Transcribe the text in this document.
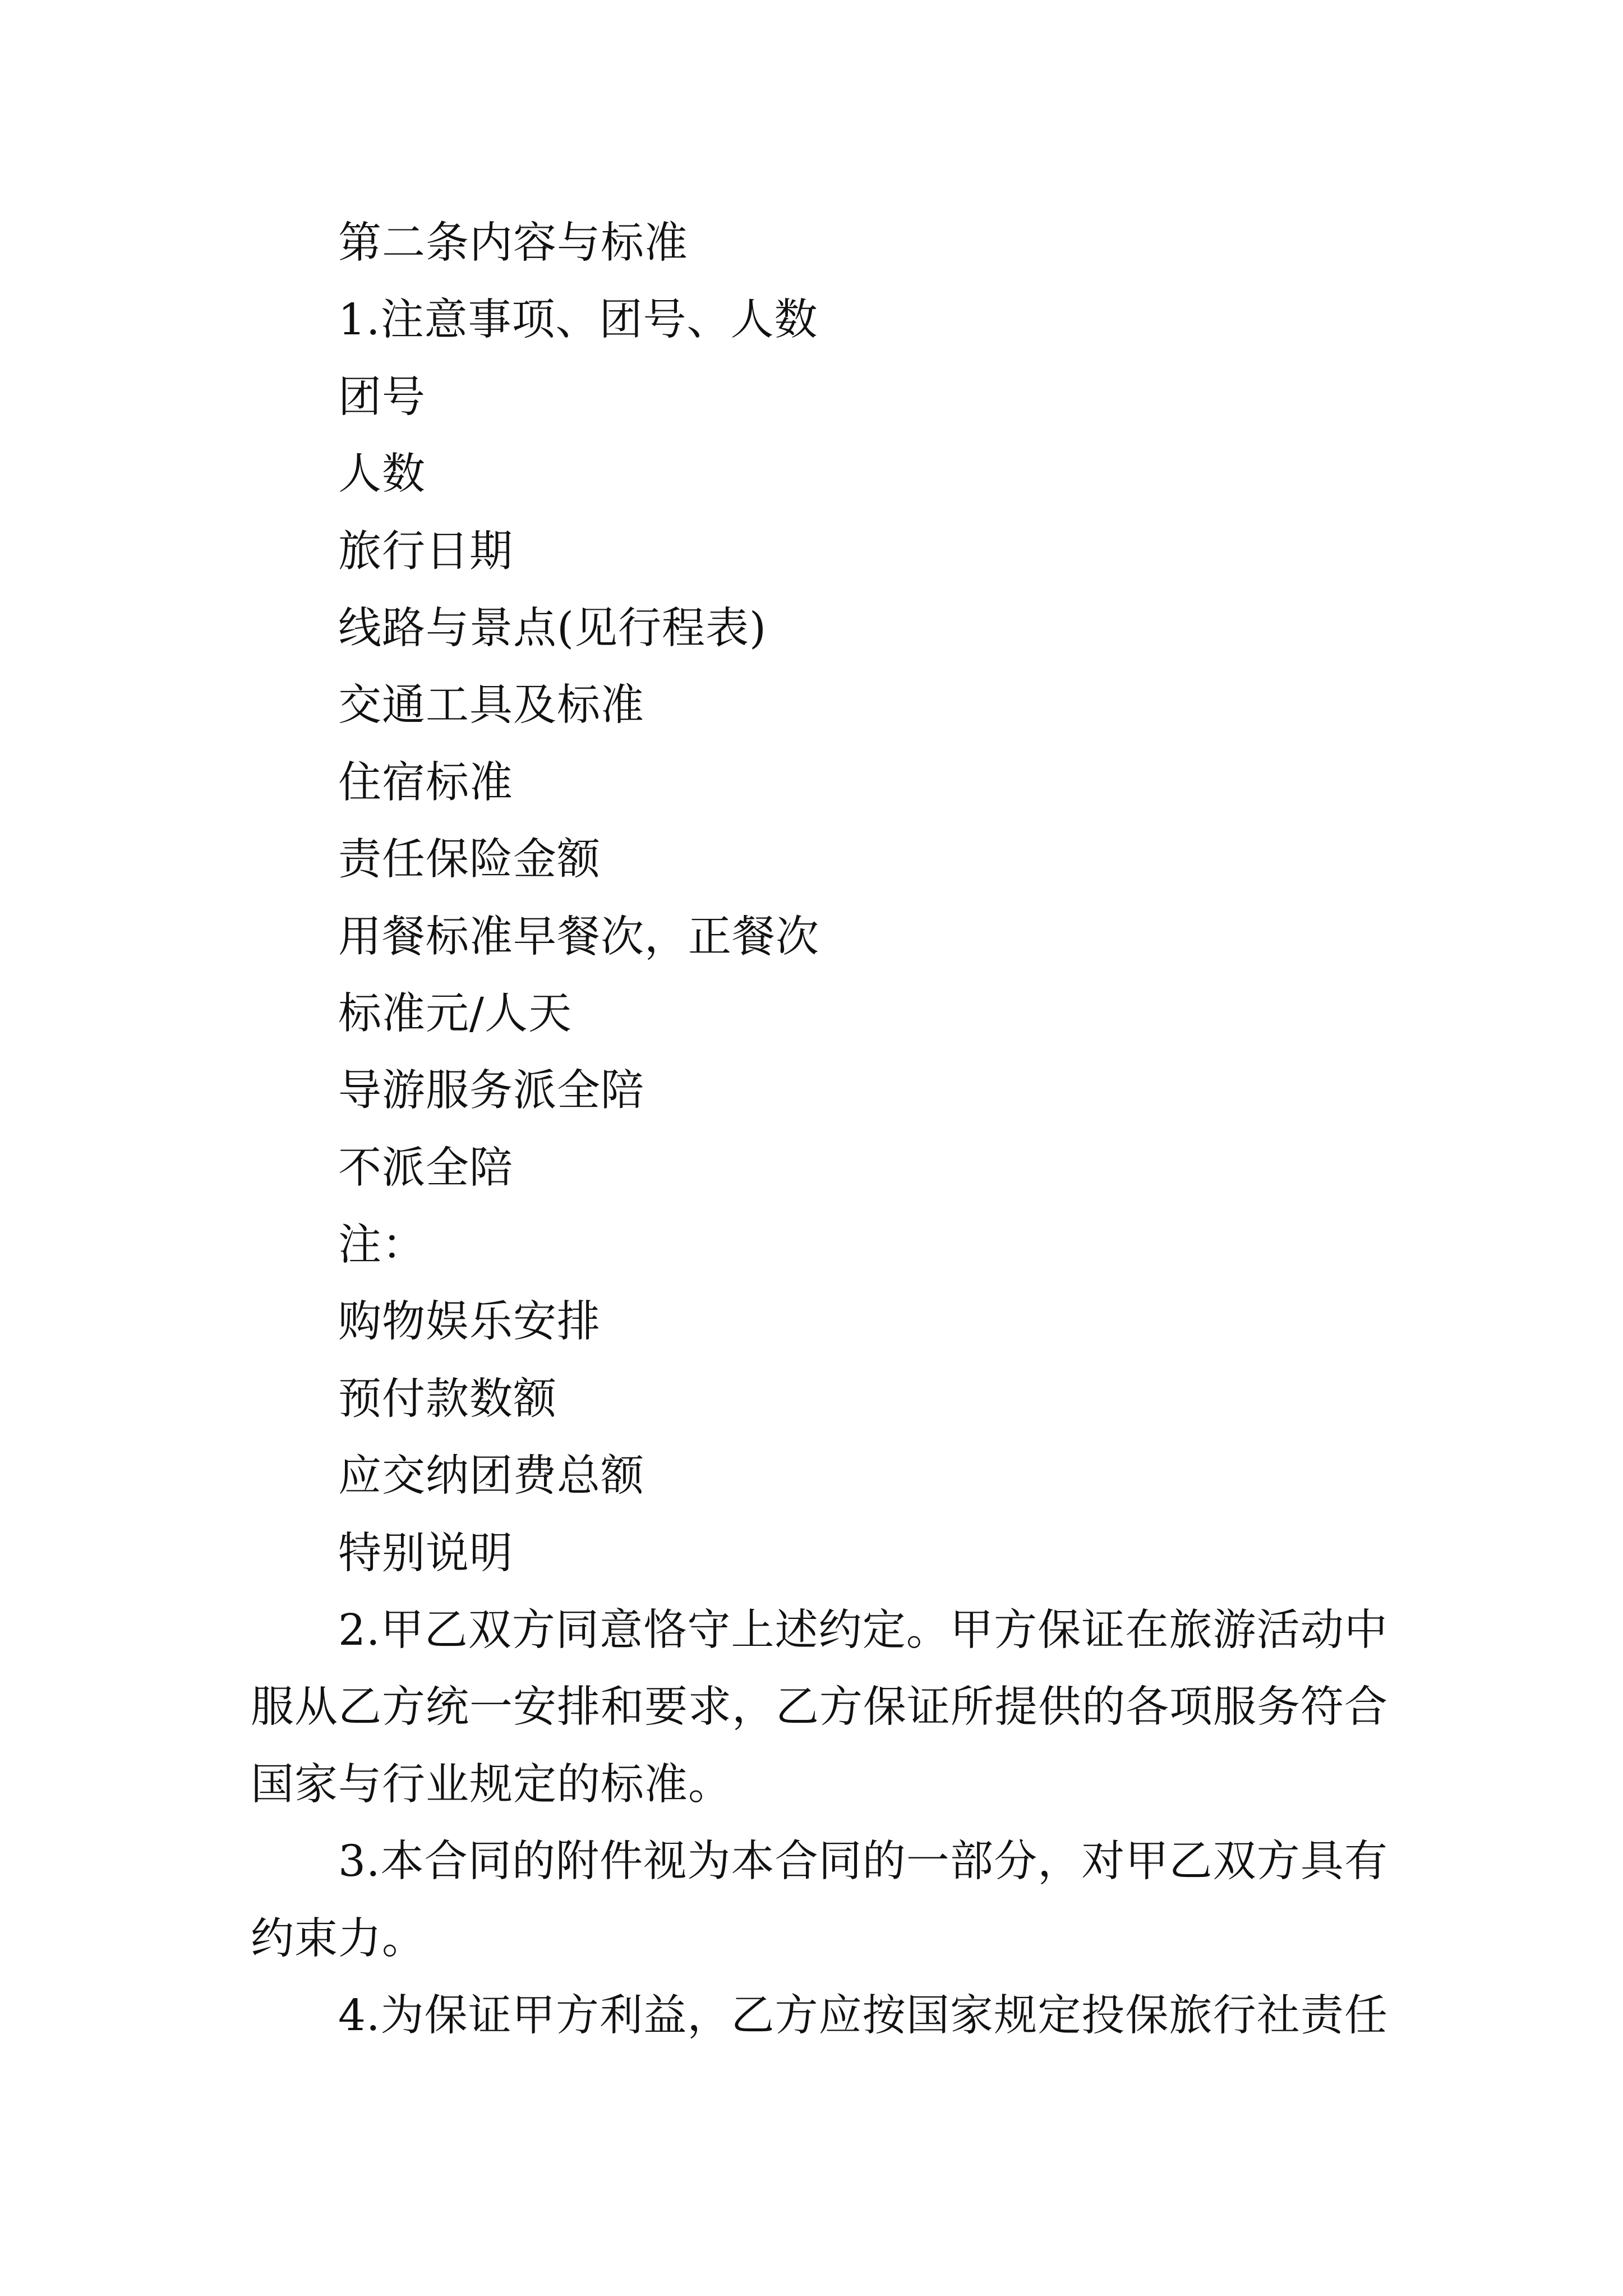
第二条内容与标准
1.注意事项、团号、人数
团号
人数
旅行日期
线路与景点(见行程表)
交通工具及标准
住宿标准
责任保险金额
用餐标准早餐次，正餐次
标准元/人天
导游服务派全陪
不派全陪
注：
购物娱乐安排
预付款数额
应交纳团费总额
特别说明
2.甲乙双方同意恪守上述约定。甲方保证在旅游活动中
服从乙方统一安排和要求，乙方保证所提供的各项服务符合
国家与行业规定的标准。
3.本合同的附件视为本合同的一部分，对甲乙双方具有
约束力。
4.为保证甲方利益，乙方应按国家规定投保旅行社责任
